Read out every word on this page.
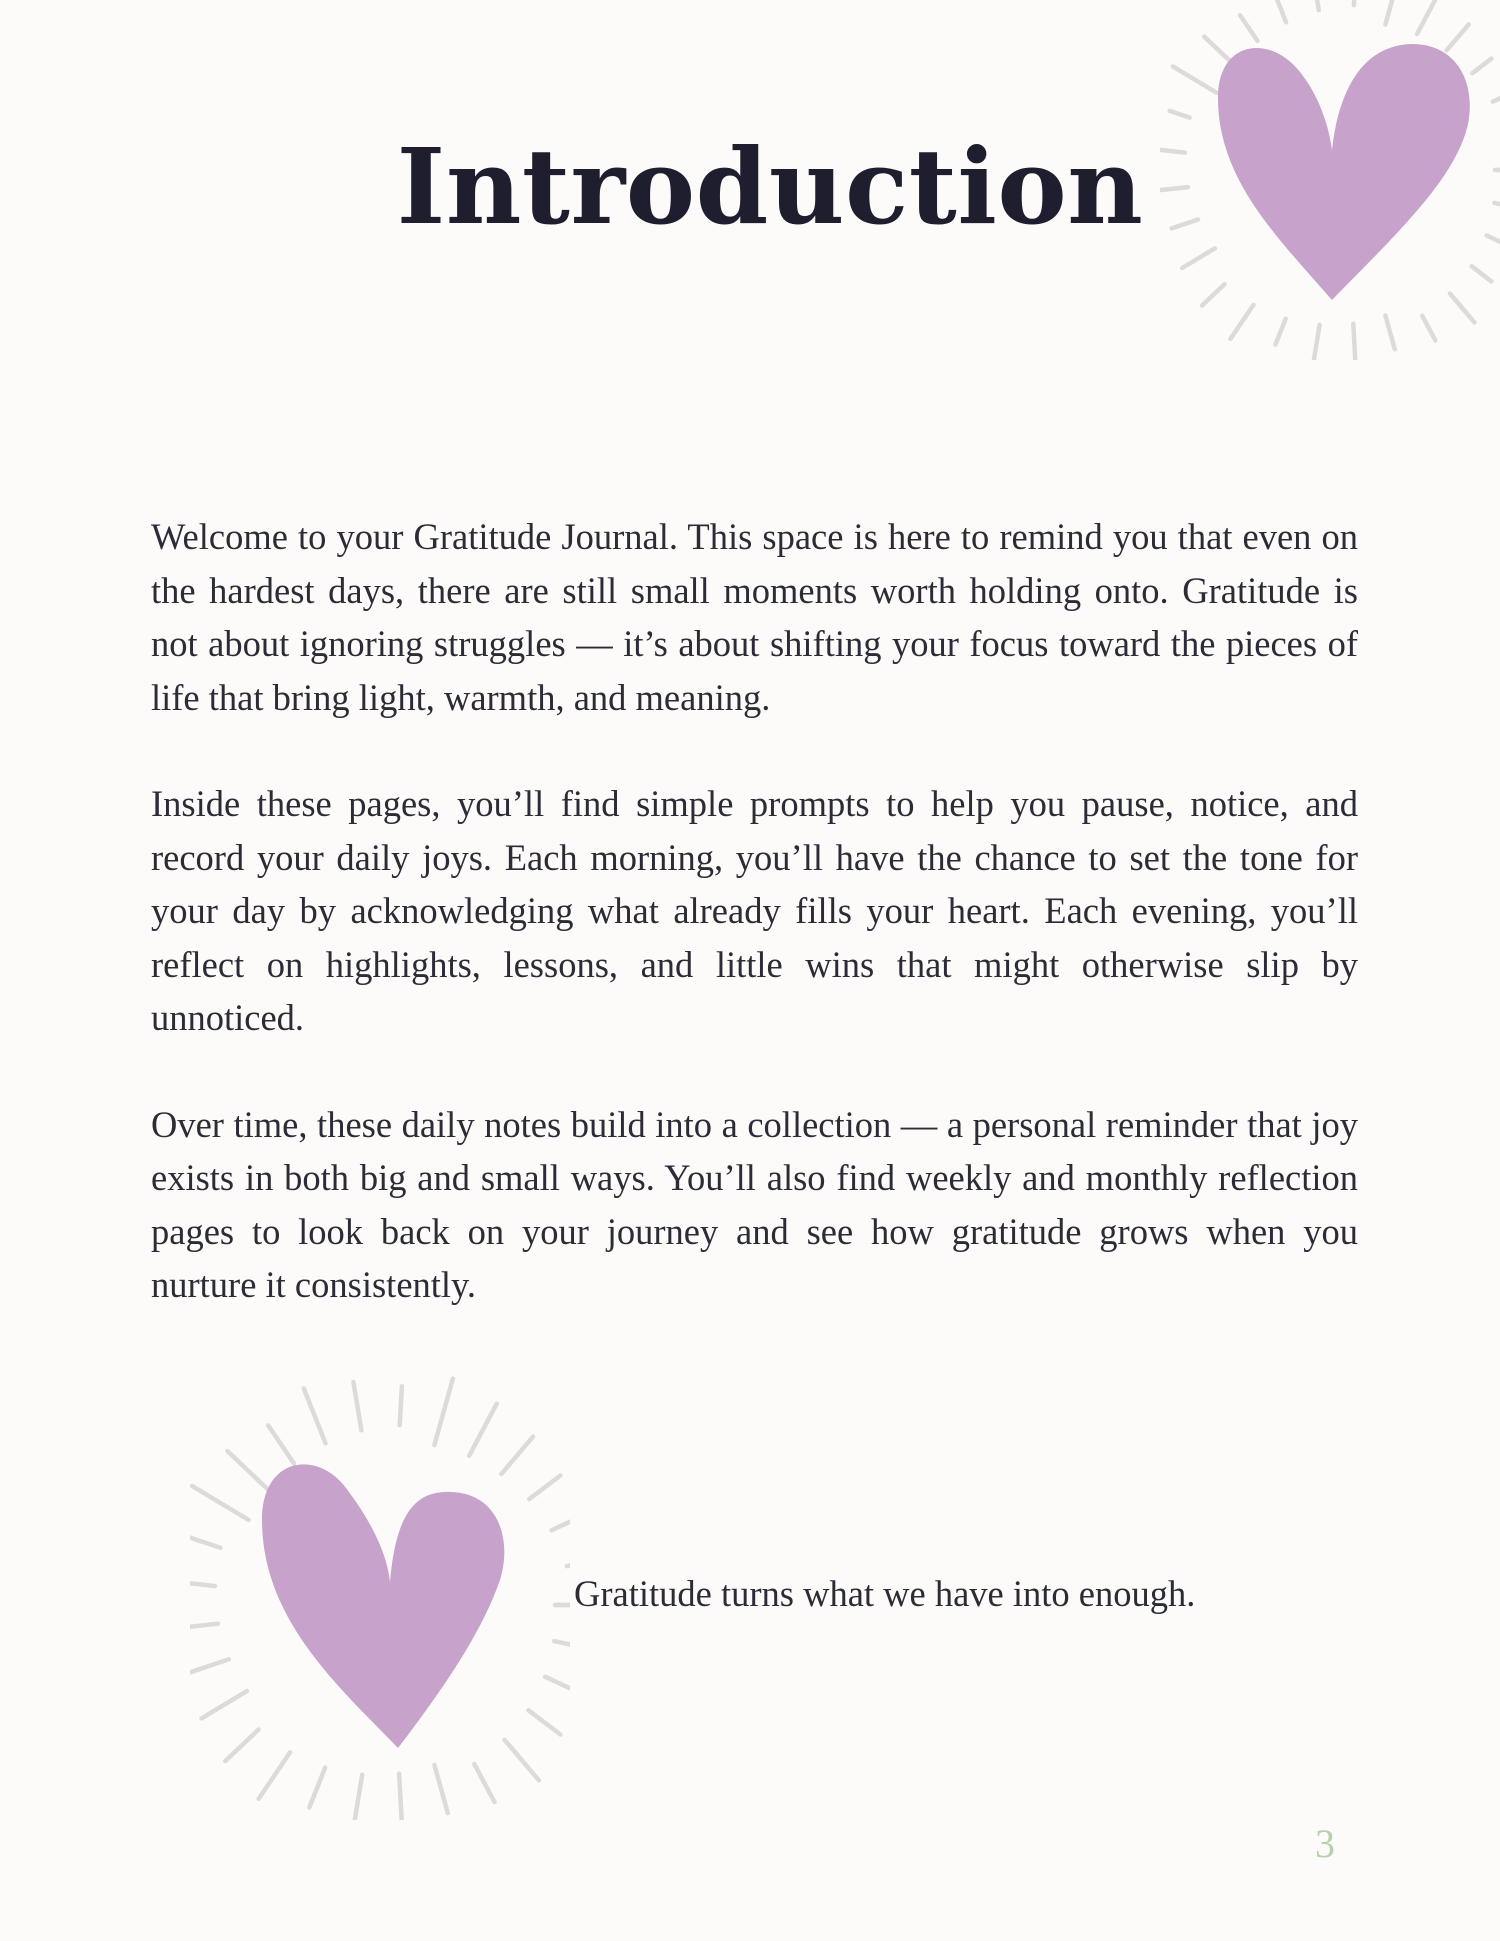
Introduction

Welcome to your Gratitude Journal. This space is here to remind you that even on the hardest days, there are still small moments worth holding onto. Gratitude is not about ignoring struggles — it’s about shifting your focus toward the pieces of life that bring light, warmth, and meaning.

Inside these pages, you’ll find simple prompts to help you pause, notice, and record your daily joys. Each morning, you’ll have the chance to set the tone for your day by acknowledging what already fills your heart. Each evening, you’ll reflect on highlights, lessons, and little wins that might otherwise slip by unnoticed.

Over time, these daily notes build into a collection — a personal reminder that joy exists in both big and small ways. You’ll also find weekly and monthly reflection pages to look back on your journey and see how gratitude grows when you nurture it consistently.

Gratitude turns what we have into enough.
3
